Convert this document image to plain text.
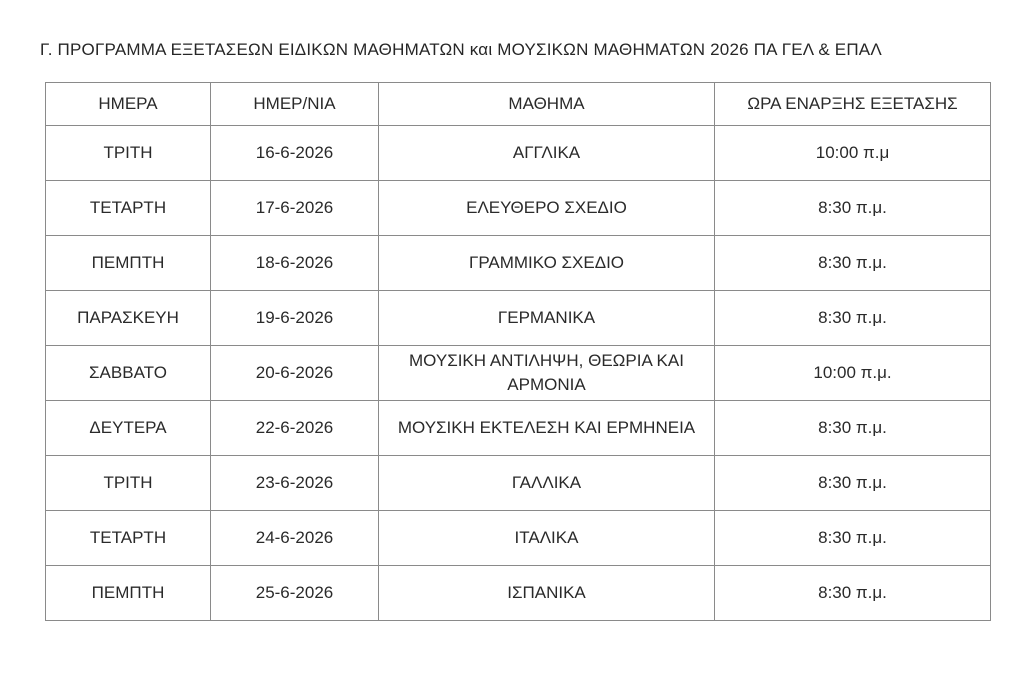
Γ. ΠΡΟΓΡΑΜΜΑ ΕΞΕΤΑΣΕΩΝ ΕΙΔΙΚΩΝ ΜΑΘΗΜΑΤΩΝ και ΜΟΥΣΙΚΩΝ ΜΑΘΗΜΑΤΩΝ 2026 ΠΑ ΓΕΛ & ΕΠΑΛ
ΗΜΕΡΑ	ΗΜΕΡ/ΝΙΑ	ΜΑΘΗΜΑ	ΩΡΑ ΕΝΑΡΞΗΣ ΕΞΕΤΑΣΗΣ
ΤΡΙΤΗ	16-6-2026	ΑΓΓΛΙΚΑ	10:00 π.μ
ΤΕΤΑΡΤΗ	17-6-2026	ΕΛΕΥΘΕΡΟ ΣΧΕΔΙΟ	8:30 π.μ.
ΠΕΜΠΤΗ	18-6-2026	ΓΡΑΜΜΙΚΟ ΣΧΕΔΙΟ	8:30 π.μ.
ΠΑΡΑΣΚΕΥΗ	19-6-2026	ΓΕΡΜΑΝΙΚΑ	8:30 π.μ.
ΣΑΒΒΑΤΟ	20-6-2026	ΜΟΥΣΙΚΗ ΑΝΤΙΛΗΨΗ, ΘΕΩΡΙΑ ΚΑΙ ΑΡΜΟΝΙΑ	10:00 π.μ.
ΔΕΥΤΕΡΑ	22-6-2026	ΜΟΥΣΙΚΗ ΕΚΤΕΛΕΣΗ ΚΑΙ ΕΡΜΗΝΕΙΑ	8:30 π.μ.
ΤΡΙΤΗ	23-6-2026	ΓΑΛΛΙΚΑ	8:30 π.μ.
ΤΕΤΑΡΤΗ	24-6-2026	ΙΤΑΛΙΚΑ	8:30 π.μ.
ΠΕΜΠΤΗ	25-6-2026	ΙΣΠΑΝΙΚΑ	8:30 π.μ.
